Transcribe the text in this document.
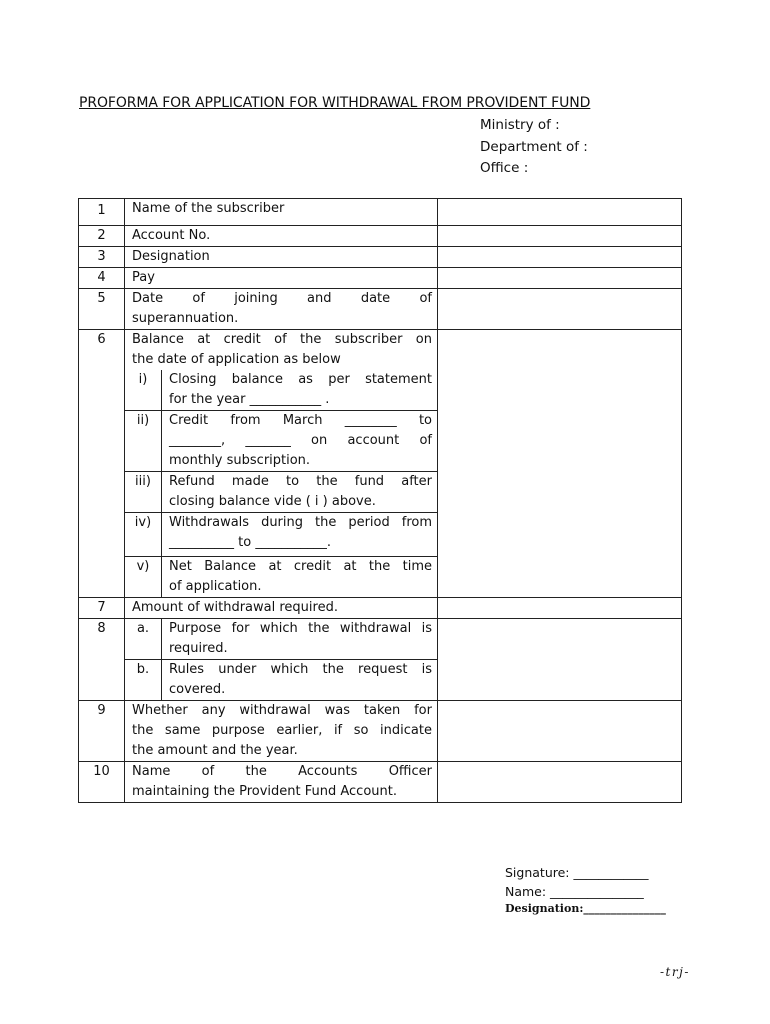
PROFORMA FOR APPLICATION FOR WITHDRAWAL FROM PROVIDENT FUND
Ministry of :
Department of :
Office :
1	Name of the subscriber	
2	Account No.	
3	Designation	
4	Pay	
5	Date of joining and date of
superannuation.

6	Balance at credit of the subscriber on
the date of application as below
i)	Closing balance as per statement
for the year ___________ .

ii)	Credit from March ________ to
________, _______ on account of
monthly subscription.

iii)	Refund made to the fund after
closing balance vide ( i ) above.

iv)	Withdrawals during the period from
__________ to ___________.

v)	Net Balance at credit at the time
of application.

7	Amount of withdrawal required.	
8	a.	Purpose for which the withdrawal is
required.

b.	Rules under which the request is
covered.

9	Whether any withdrawal was taken for
the same purpose earlier, if so indicate
the amount and the year.

10	Name of the Accounts Officer
maintaining the Provident Fund Account.

Signature: ____________
Name: _______________
Designation:_______________
-trj-
